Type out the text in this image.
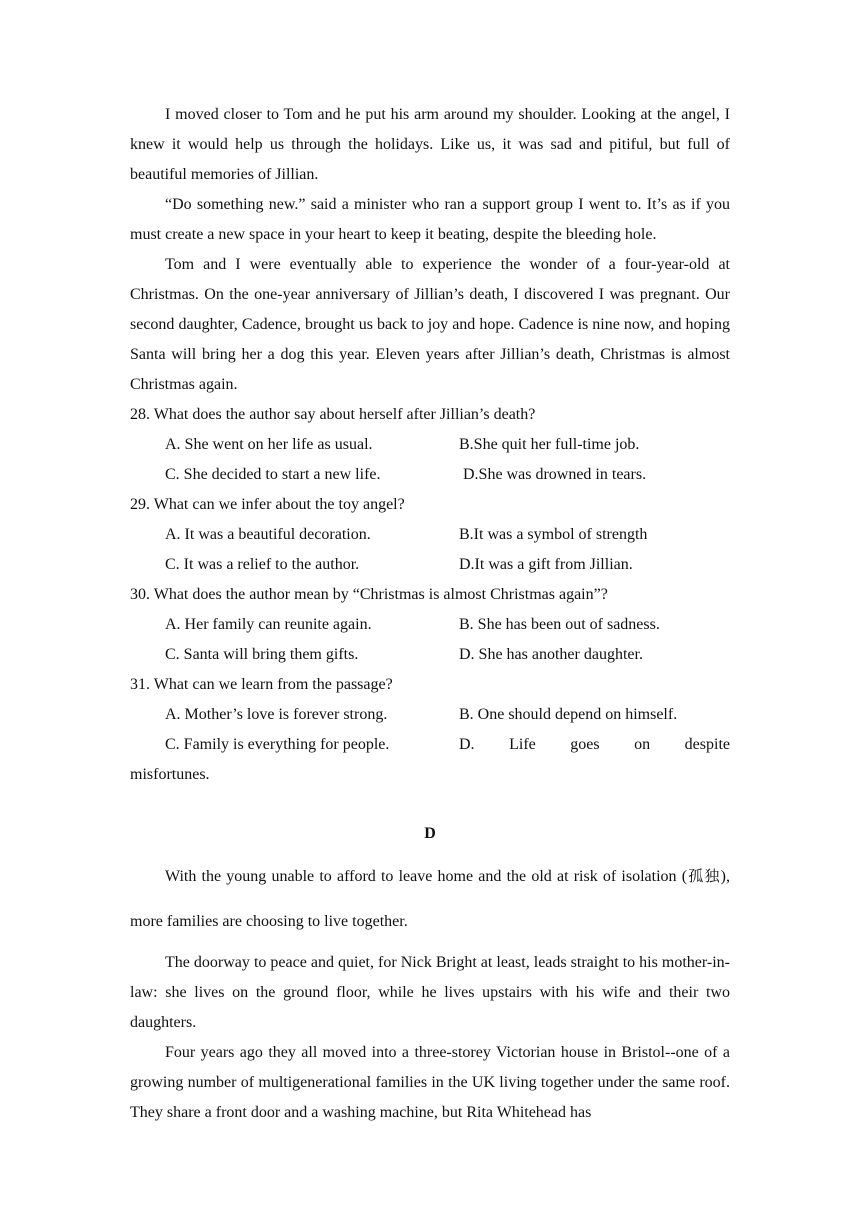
I moved closer to Tom and he put his arm around my shoulder. Looking at the angel, I knew it would help us through the holidays. Like us, it was sad and pitiful, but full of beautiful memories of Jillian.

“Do something new.” said a minister who ran a support group I went to. It’s as if you must create a new space in your heart to keep it beating, despite the bleeding hole.

Tom and I were eventually able to experience the wonder of a four-year-old at Christmas. On the one-year anniversary of Jillian’s death, I discovered I was pregnant. Our second daughter, Cadence, brought us back to joy and hope. Cadence is nine now, and hoping Santa will bring her a dog this year. Eleven years after Jillian’s death, Christmas is almost Christmas again.

28. What does the author say about herself after Jillian’s death?
A. She went on her life as usual.	B.She quit her full-time job.
C. She decided to start a new life.	D.She was drowned in tears.
29. What can we infer about the toy angel?
A. It was a beautiful decoration.	B.It was a symbol of strength
C. It was a relief to the author.	D.It was a gift from Jillian.
30. What does the author mean by “Christmas is almost Christmas again”?
A. Her family can reunite again.	B. She has been out of sadness.
C. Santa will bring them gifts.	D. She has another daughter.
31. What can we learn from the passage?
A. Mother’s love is forever strong.	B. One should depend on himself.
C. Family is everything for people.	D. Life goes on despite
misfortunes.
D

With the young unable to afford to leave home and the old at risk of isolation (孤独), more families are choosing to live together.

The doorway to peace and quiet, for Nick Bright at least, leads straight to his mother-in-law: she lives on the ground floor, while he lives upstairs with his wife and their two daughters.

Four years ago they all moved into a three-storey Victorian house in Bristol--one of a growing number of multigenerational families in the UK living together under the same roof. They share a front door and a washing machine, but Rita Whitehead has
